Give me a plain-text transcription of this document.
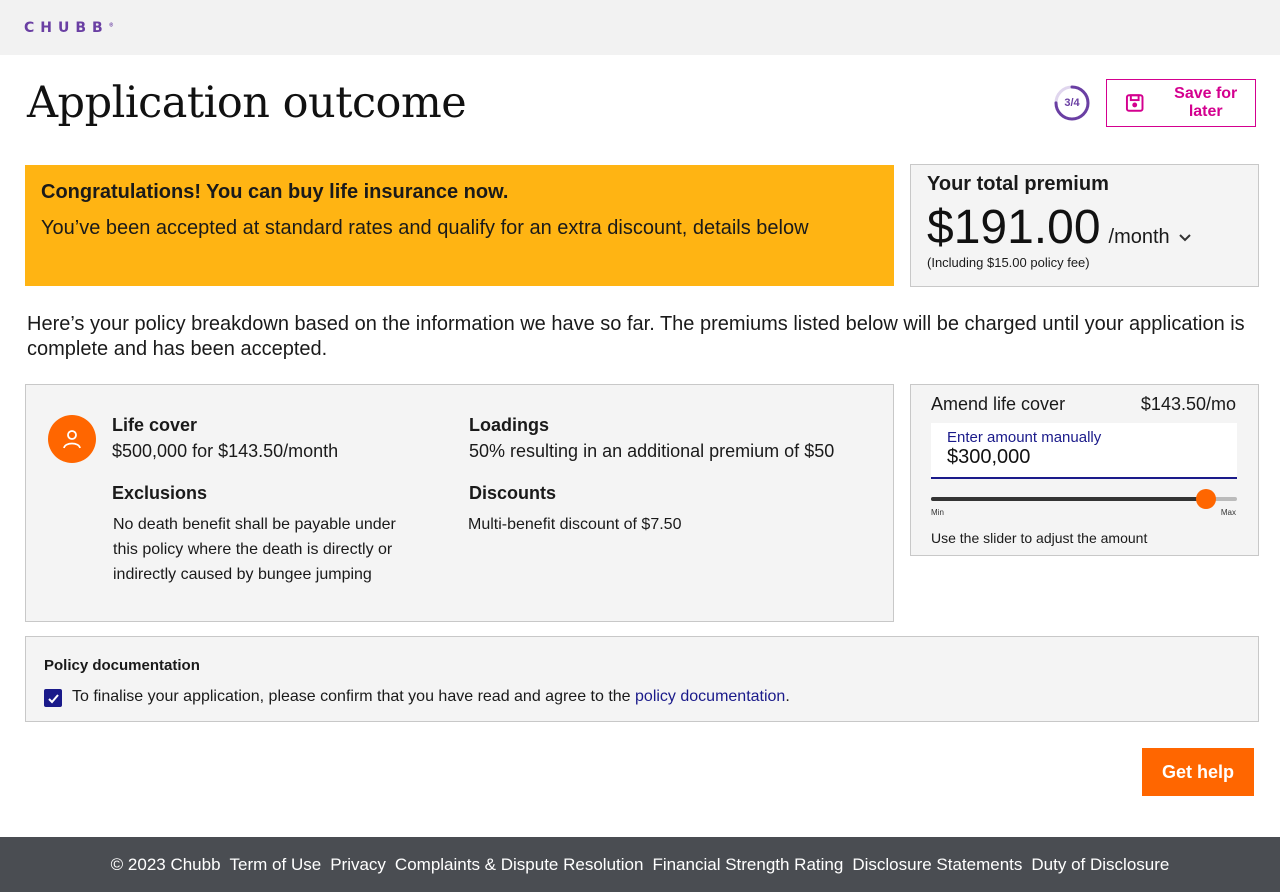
CHUBB®
Application outcome	3/4
Save for later
Congratulations! You can buy life insurance now.
You’ve been accepted at standard rates and qualify for an extra discount, details below
Your total premium
$191.00 /month
(Including $15.00 policy fee)

Here’s your policy breakdown based on the information we have so far. The premiums listed below will be charged until your application is complete and has been accepted.

Life cover
$500,000 for $143.50/month
Loadings
50% resulting in an additional premium of $50
Exclusions
No death benefit shall be payable under this policy where the death is directly or indirectly caused by bungee jumping
Discounts
Multi-benefit discount of $7.50
Amend life cover	$143.50/mo
Enter amount manually
$300,000
Min	Max
Use the slider to adjust the amount
Policy documentation
To finalise your application, please confirm that you have read and agree to the policy documentation.
Get help
© 2023 Chubb Term of Use Privacy Complaints & Dispute Resolution Financial Strength Rating Disclosure Statements Duty of Disclosure
